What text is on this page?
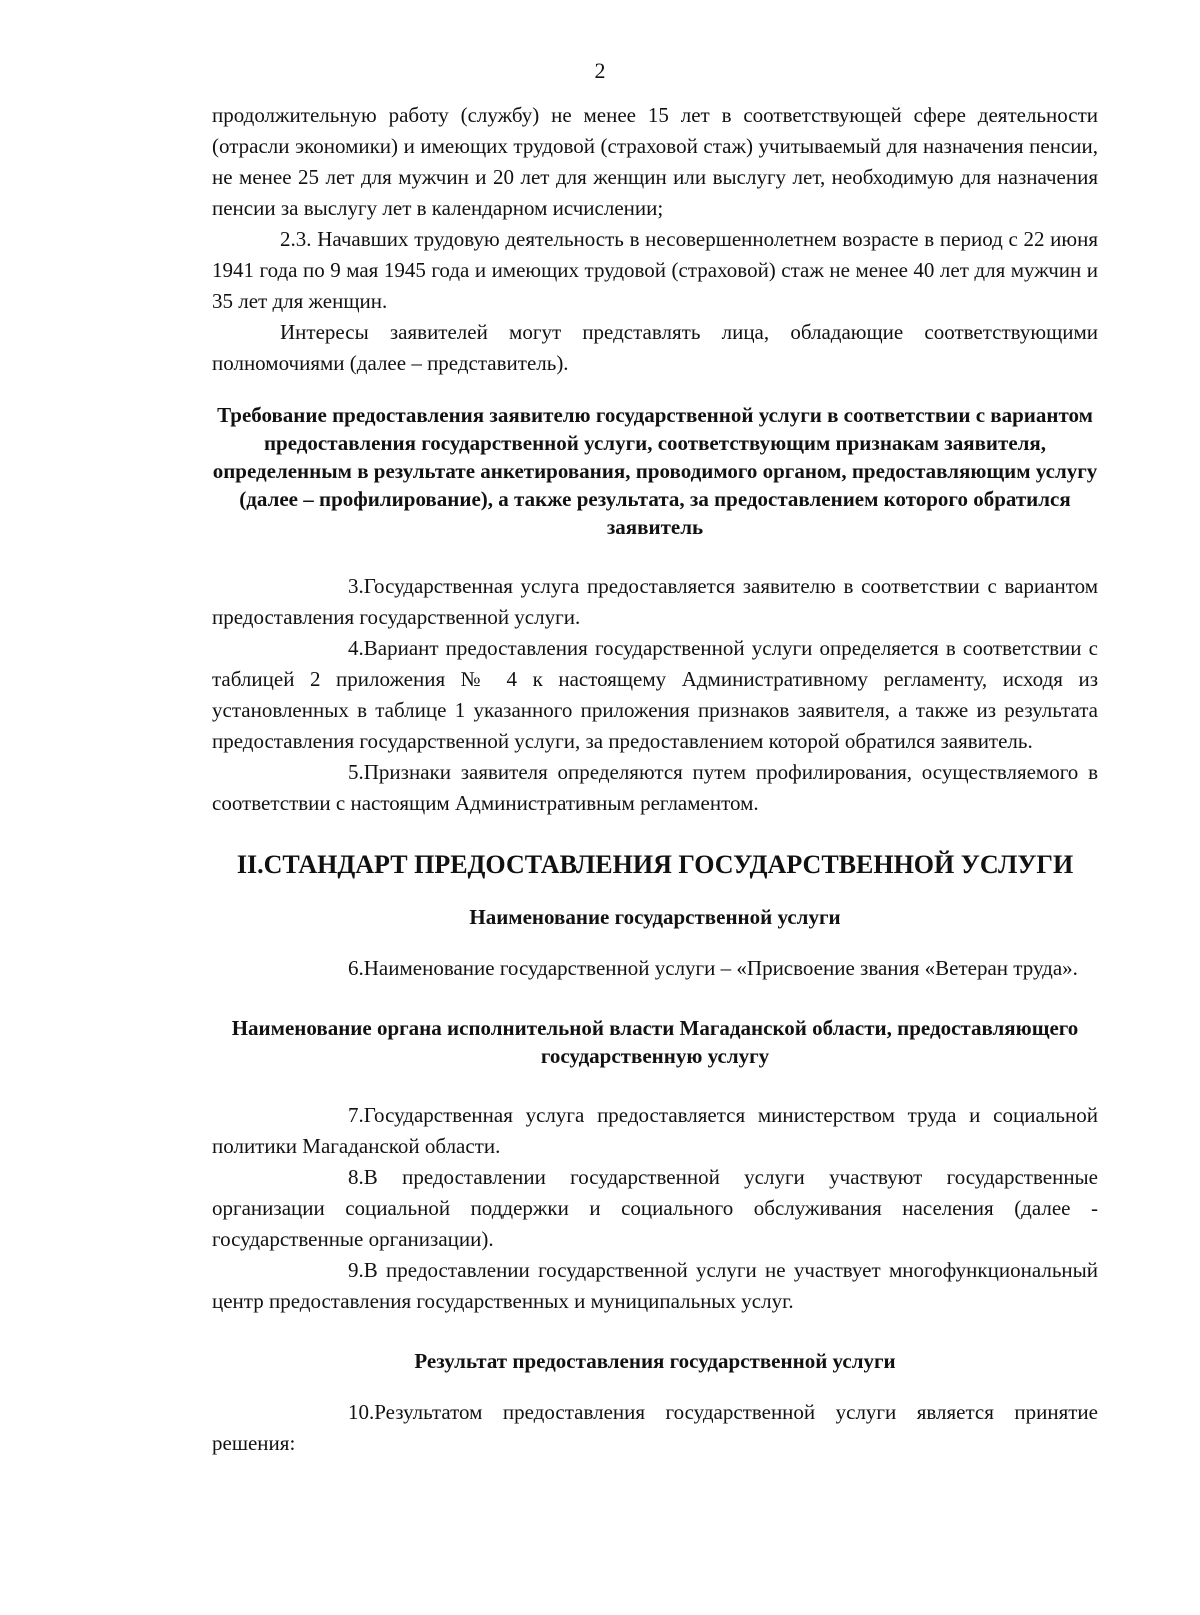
2

продолжительную работу (службу) не менее 15 лет в соответствующей сфере деятельности (отрасли экономики) и имеющих трудовой (страховой стаж) учитываемый для назначения пенсии, не менее 25 лет для мужчин и 20 лет для женщин или выслугу лет, необходимую для назначения пенсии за выслугу лет в календарном исчислении;

2.3. Начавших трудовую деятельность в несовершеннолетнем возрасте в период с 22 июня 1941 года по 9 мая 1945 года и имеющих трудовой (страховой) стаж не менее 40 лет для мужчин и 35 лет для женщин.

Интересы заявителей могут представлять лица, обладающие соответствующими полномочиями (далее – представитель).

Требование предоставления заявителю государственной услуги в соответствии с вариантом предоставления государственной услуги, соответствующим признакам заявителя, определенным в результате анкетирования, проводимого органом, предоставляющим услугу (далее – профилирование), а также результата, за предоставлением которого обратился заявитель

3.Государственная услуга предоставляется заявителю в соответствии с вариантом предоставления государственной услуги.

4.Вариант предоставления государственной услуги определяется в соответствии с таблицей 2 приложения № 4 к настоящему Административному регламенту, исходя из установленных в таблице 1 указанного приложения признаков заявителя, а также из результата предоставления государственной услуги, за предоставлением которой обратился заявитель.

5.Признаки заявителя определяются путем профилирования, осуществляемого в соответствии с настоящим Административным регламентом.

II.СТАНДАРТ ПРЕДОСТАВЛЕНИЯ ГОСУДАРСТВЕННОЙ УСЛУГИ

Наименование государственной услуги

6.Наименование государственной услуги – «Присвоение звания «Ветеран труда».

Наименование органа исполнительной власти Магаданской области, предоставляющего государственную услугу

7.Государственная услуга предоставляется министерством труда и социальной политики Магаданской области.

8.В предоставлении государственной услуги участвуют государственные организации социальной поддержки и социального обслуживания населения (далее - государственные организации).

9.В предоставлении государственной услуги не участвует многофункциональный центр предоставления государственных и муниципальных услуг.

Результат предоставления государственной услуги

10.Результатом предоставления государственной услуги является принятие решения:
